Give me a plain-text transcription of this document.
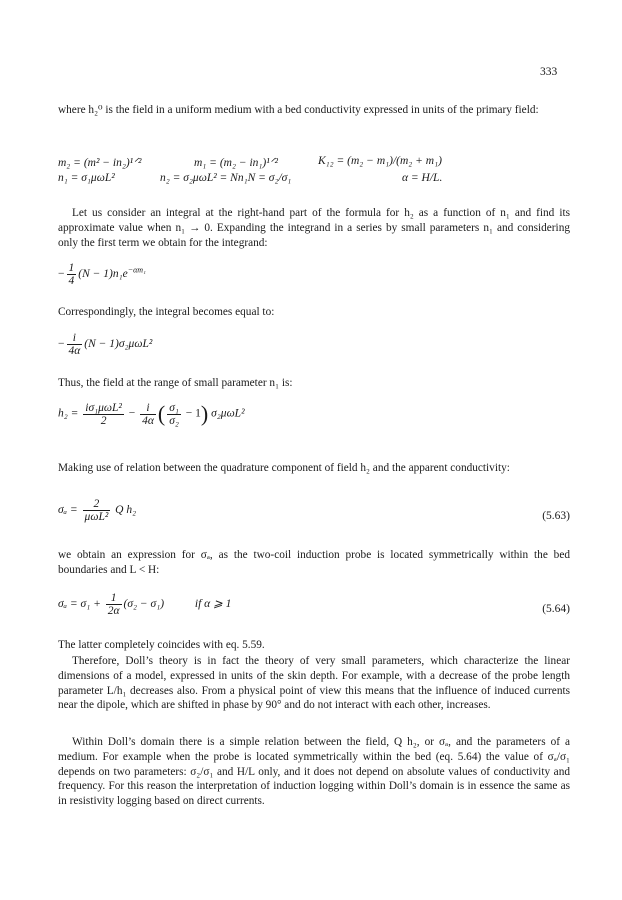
333
where h₂⁰ is the field in a uniform medium with a bed conductivity expressed in units of the primary field:
m₂ = (m² − in₂)¹ᐟ²	m₁ = (m₂ − in₁)¹ᐟ²	K₁₂ = (m₂ − m₁)/(m₂ + m₁)
n₁ = σ₁μωL²	n₂ = σ₂μωL² = Nn₁N = σ₂/σ₁	α = H/L.
Let us consider an integral at the right-hand part of the formula for h₂ as a function of n₁ and find its approximate value when n₁ → 0. Expanding the integrand in a series by small parameters n₁ and considering only the first term we obtain for the integrand:
− $\frac{1}{4} (N - 1)n_1e^{-\alpha m_1}$
Correspondingly, the integral becomes equal to:
− $\frac{i}{4\alpha} (N - 1)\sigma_2\mu\omega L^2$
Thus, the field at the range of small parameter n₁ is:
$h_2 = \frac{\text{iσ₁μωL²}}{2} - \frac{i}{4\alpha}$ ( $\frac{\text{σ₁}}{\text{σ₂}} - 1$) σ₂μωL²
Making use of relation between the quadrature component of field h₂ and the apparent conductivity:
$\sigma_a = \frac{2}{\text{μωL²}}$ Q h₂	(5.63)
we obtain an expression for σₐ, as the two-coil induction probe is located symmetrically within the bed boundaries and L < H:
$\sigma_a = \sigma_1 + \frac{1}{2\alpha} (\sigma_2 - \sigma_1)$	if α ⩾ 1	(5.64)
The latter completely coincides with eq. 5.59.
Therefore, Doll’s theory is in fact the theory of very small parameters, which characterize the linear dimensions of a model, expressed in units of the skin depth. For example, with a decrease of the probe length parameter L/h₁ decreases also. From a physical point of view this means that the influence of induced currents near the dipole, which are shifted in phase by 90° and do not interact with each other, increases.
Within Doll’s domain there is a simple relation between the field, Q h₂, or σₐ, and the parameters of a medium. For example when the probe is located symmetrically within the bed (eq. 5.64) the value of σₐ/σ₁ depends on two parameters: σ₂/σ₁ and H/L only, and it does not depend on absolute values of conductivity and frequency. For this reason the interpretation of induction logging within Doll’s domain is in essence the same as in resistivity logging based on direct currents.
